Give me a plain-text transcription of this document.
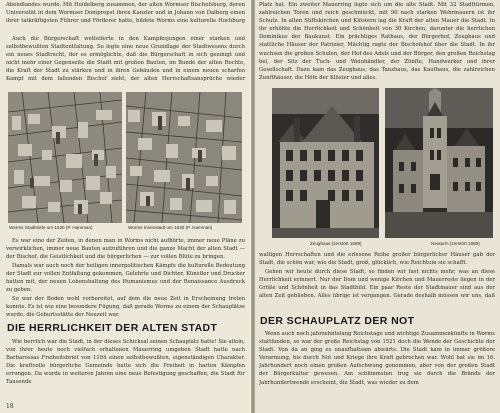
Abendlandes wurde. Mit Heidelberg zusammen, der alten Wormser Bischofsburg, deren Universität in dem Wormser Dompropst ihren Kanzler und in Johann von Dalberg einen ihrer tatkräftigsten Führer und Förderer hatte, bildete Worms eine kulturelle Hochburg

Auch die Bürgerschaft wetteiferte in den Kampfesjungen einer starken und selbstbewußten Stadtentfaltung. So legte eine neue Grundlage der Stadtwesens durch ein neues Stadtrecht, der es ermöglichte, daß die Bürgerschaft in sich geeinigt und nicht mehr einer Gegenseite die Stadt mit großen Bauten, im Bunde der alten Rechte, die Kraft der Stadt zu stärken und in ihren Gebäuden und in einem neuen scharfen Kampf mit dem fallenden Bischof zieht, der alten Herrschaftsansprüche wieder

Worms Stadtmitte um 1630 (P. Hamman)	Worms Innenstadt um 1630 (P. Hamman)

Es war eine der Zeiten, in denen man in Worms nicht aufhörte, immer neue Pläne zu verwirklichen, immer neue Bauten aufzuführen und die ganze Macht der alten Stadt — der Bischof, die Geistlichkeit und die bürgerlichen — zur vollen Blüte zu bringen.

Damals war auch noch der heiligen innerpolitischen Kämpfe die kulturelle Bedeutung der Stadt zur vollen Entfaltung gekommen, Gelehrte und Dichter, Künstler und Drucker hatten mit, der neuen Lebenshaltung des Humanismus und der Renaissance Ausdruck zu geben.

So war der Boden wohl vorbereitet, auf dem die neue Zeit in Erscheinung treten konnte. Es ist wie eine besondere Fügung, daß gerade Worms zu einem der Schauplätze wurde, die Geburtsstätte der Neuzeit war.

DIE HERRLICHKEIT DER ALTEN STADT

Wie herrlich war die Stadt, in der dieses Schicksal seinen Schauplatz hatte! Sie allein, von ihrer heute noch vielfach erhaltenen Mauerring umgeben Stadt hatte nach Barbarossas Freiheitsbrief von 1184 einen selbstbewußten, eigenständigen Charakter. Die kraftvolle bürgerliche Gemeinde hatte sich die Freiheit in harten Kämpfen errungen. Da wurde in weiteren Jahren eine neue Befestigung geschaffen, die Stadt für Tausende

18

Platz hat. Ein zweiter Mauerring legte sich um die alte Stadt. Mit 32 Stadttürmen, zahlreichen Toren und reich geschmückt, mit 90 nach starken Wehrmauern ist ihr Schutz. In alten Stiftskirchen und Klöstern lag die Kraft der alten Mauer die Stadt. In ihr erhöhte die Herrlichkeit und Schönheit von 30 Kirchen, darunter die herrlichen Dominikus der Baukunst. Ein prächtiges Rathaus, der Bürgerhof, Zeughaus und stattliche Häuser der Patrizier, Mächtig ragte der Bischofshof über die Stadt. In ihr wuchsen die großen Schulen, der Hof des Adels und der Bürger, den großen Reichstag bei, der Sitz der Tuch- und Weinhändler, der Zünfte, Handwerker und ihrer Gesellschaft. Dazu kam das Zeughaus, das Tanzhaus, das Kaufhaus, die zahlreichen Zunfthäuser, die Höfe der Klöster und alles.

Zeughaus (zerstört 1689)	Neuturm (zerstört 1689)

waltigen Herrschaften und die erlesene Reihe großer bürgerlicher Häuser gab der Stadt, die schön war, wie die Stadt, groß, glücklich, wie Reichtum sie schafft.

Gehen wir heute durch diese Stadt, so finden wir fast nichts mehr, was an diese Herrlichkeit erinnert. Nur der Dom und wenige Kirchen und Mauerreste liegen in der Größe und Schönheit in das Stadtbild. Ein paar Reste der Stadtmauer sind aus der alten Zeit geblieben. Alles übrige ist vergangen. Gerade deshalb müssen wir uns, daß

DER SCHAUPLATZ DER NOT

Wenn auch noch jahrzehntelang Reichstage und wichtige Zusammenkünfte in Worms stattfanden, so war der große Reichstag von 1521 doch die Wende der Geschichte der Stadt. Von da an ging es unaufhaltsam abwärts. Die Stadt kam in immer größere Verarmung, bis durch Not und Kriege ihre Kraft gebrochen war. Wohl hat sie im 16. Jahrhundert noch einen großen Aufschwung genommen, aber von der großen Stadt der Bürgerkultur gewesen. Am schlimmsten trug sie durch die Brände der Jahrhundertwende erscheint, die Stadt, was wieder zu dem
